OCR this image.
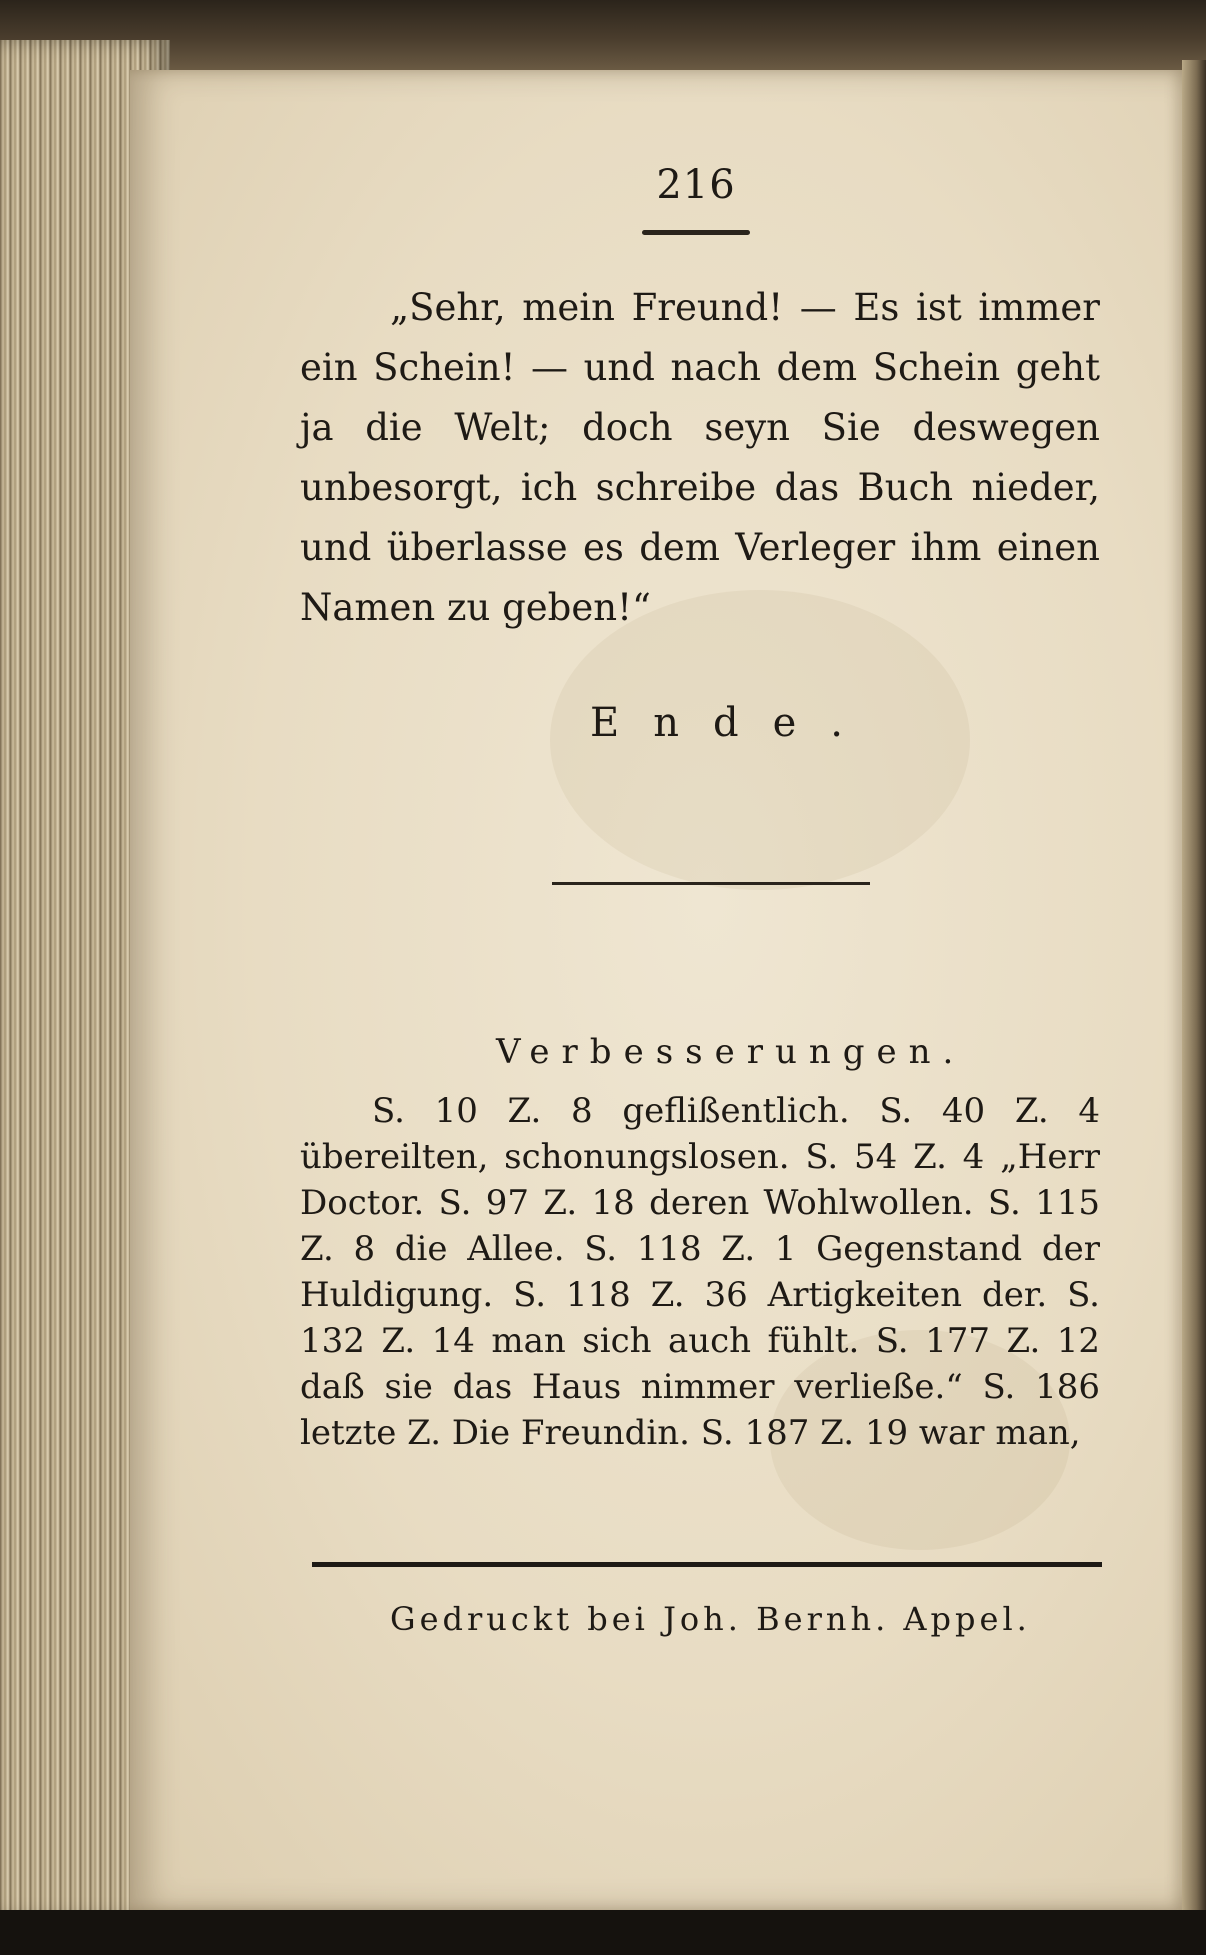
216
„Sehr, mein Freund! — Es ist immer ein Schein! — und nach dem Schein geht ja die Welt; doch seyn Sie deswegen unbesorgt, ich schreibe das Buch nieder, und überlasse es dem Verleger ihm einen Namen zu geben!“
Ende.
Verbesserungen.
S. 10 Z. 8 geflißentlich. S. 40 Z. 4 übereilten, schonungslosen. S. 54 Z. 4 „Herr Doctor. S. 97 Z. 18 deren Wohlwollen. S. 115 Z. 8 die Allee. S. 118 Z. 1 Gegenstand der Huldigung. S. 118 Z. 36 Artigkeiten der. S. 132 Z. 14 man sich auch fühlt. S. 177 Z. 12 daß sie das Haus nimmer verließe.“ S. 186 letzte Z. Die Freundin. S. 187 Z. 19 war man,
Gedruckt bei Joh. Bernh. Appel.
